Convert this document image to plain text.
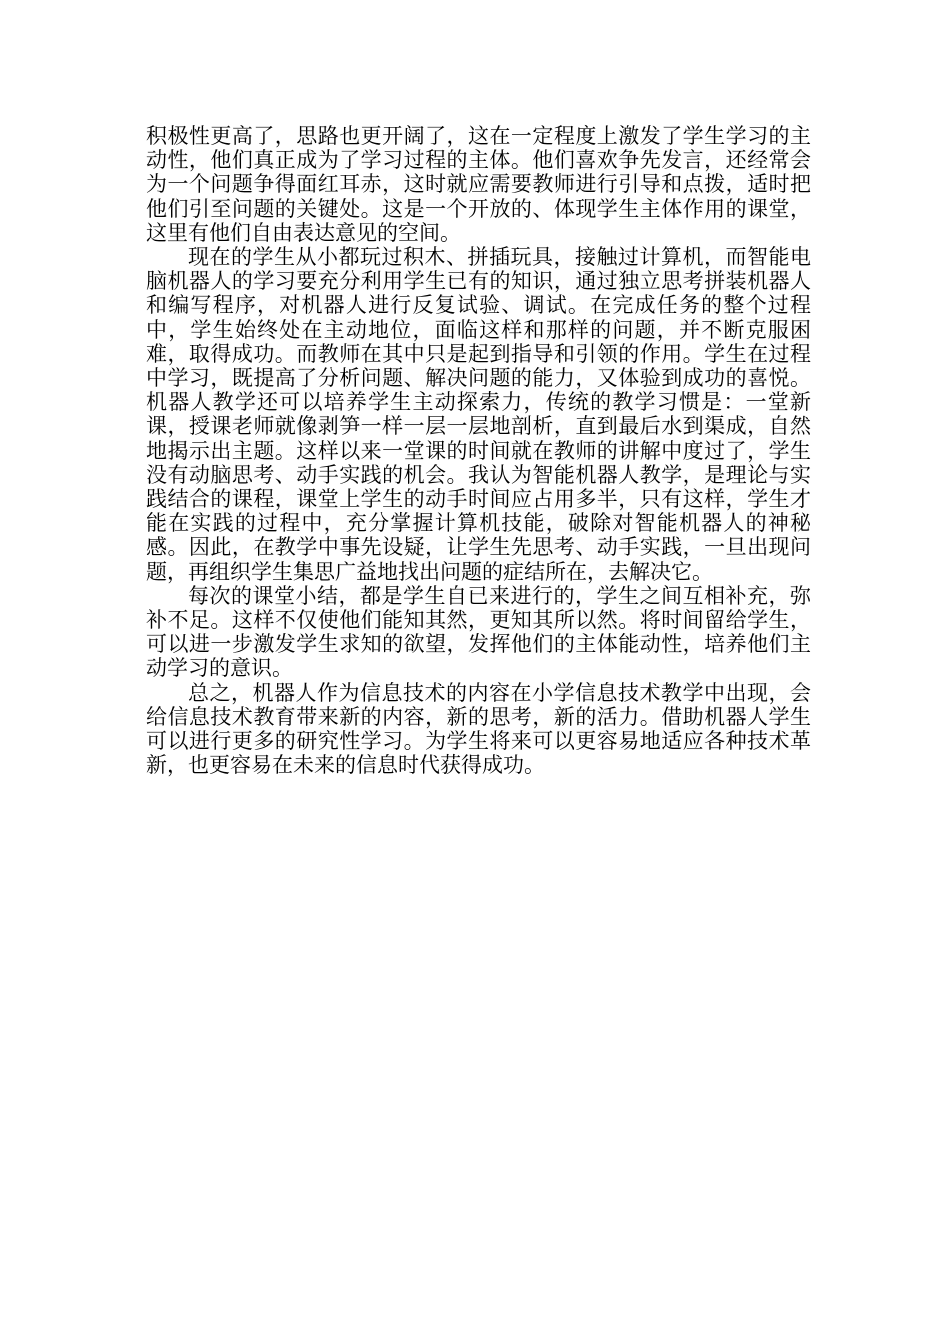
积极性更高了，思路也更开阔了，这在一定程度上激发了学生学习的主动性，他们真正成为了学习过程的主体。他们喜欢争先发言，还经常会为一个问题争得面红耳赤，这时就应需要教师进行引导和点拨，适时把他们引至问题的关键处。这是一个开放的、体现学生主体作用的课堂，这里有他们自由表达意见的空间。

现在的学生从小都玩过积木、拼插玩具，接触过计算机，而智能电脑机器人的学习要充分利用学生已有的知识，通过独立思考拼装机器人和编写程序，对机器人进行反复试验、调试。在完成任务的整个过程中，学生始终处在主动地位，面临这样和那样的问题，并不断克服困难，取得成功。而教师在其中只是起到指导和引领的作用。学生在过程中学习，既提高了分析问题、解决问题的能力，又体验到成功的喜悦。机器人教学还可以培养学生主动探索力，传统的教学习惯是：一堂新课，授课老师就像剥笋一样一层一层地剖析，直到最后水到渠成，自然地揭示出主题。这样以来一堂课的时间就在教师的讲解中度过了，学生没有动脑思考、动手实践的机会。我认为智能机器人教学，是理论与实践结合的课程，课堂上学生的动手时间应占用多半，只有这样，学生才能在实践的过程中，充分掌握计算机技能，破除对智能机器人的神秘感。因此，在教学中事先设疑，让学生先思考、动手实践，一旦出现问题，再组织学生集思广益地找出问题的症结所在，去解决它。

每次的课堂小结，都是学生自已来进行的，学生之间互相补充，弥补不足。这样不仅使他们能知其然，更知其所以然。将时间留给学生，可以进一步激发学生求知的欲望，发挥他们的主体能动性，培养他们主动学习的意识。

总之，机器人作为信息技术的内容在小学信息技术教学中出现，会给信息技术教育带来新的内容，新的思考，新的活力。借助机器人学生可以进行更多的研究性学习。为学生将来可以更容易地适应各种技术革新，也更容易在未来的信息时代获得成功。
